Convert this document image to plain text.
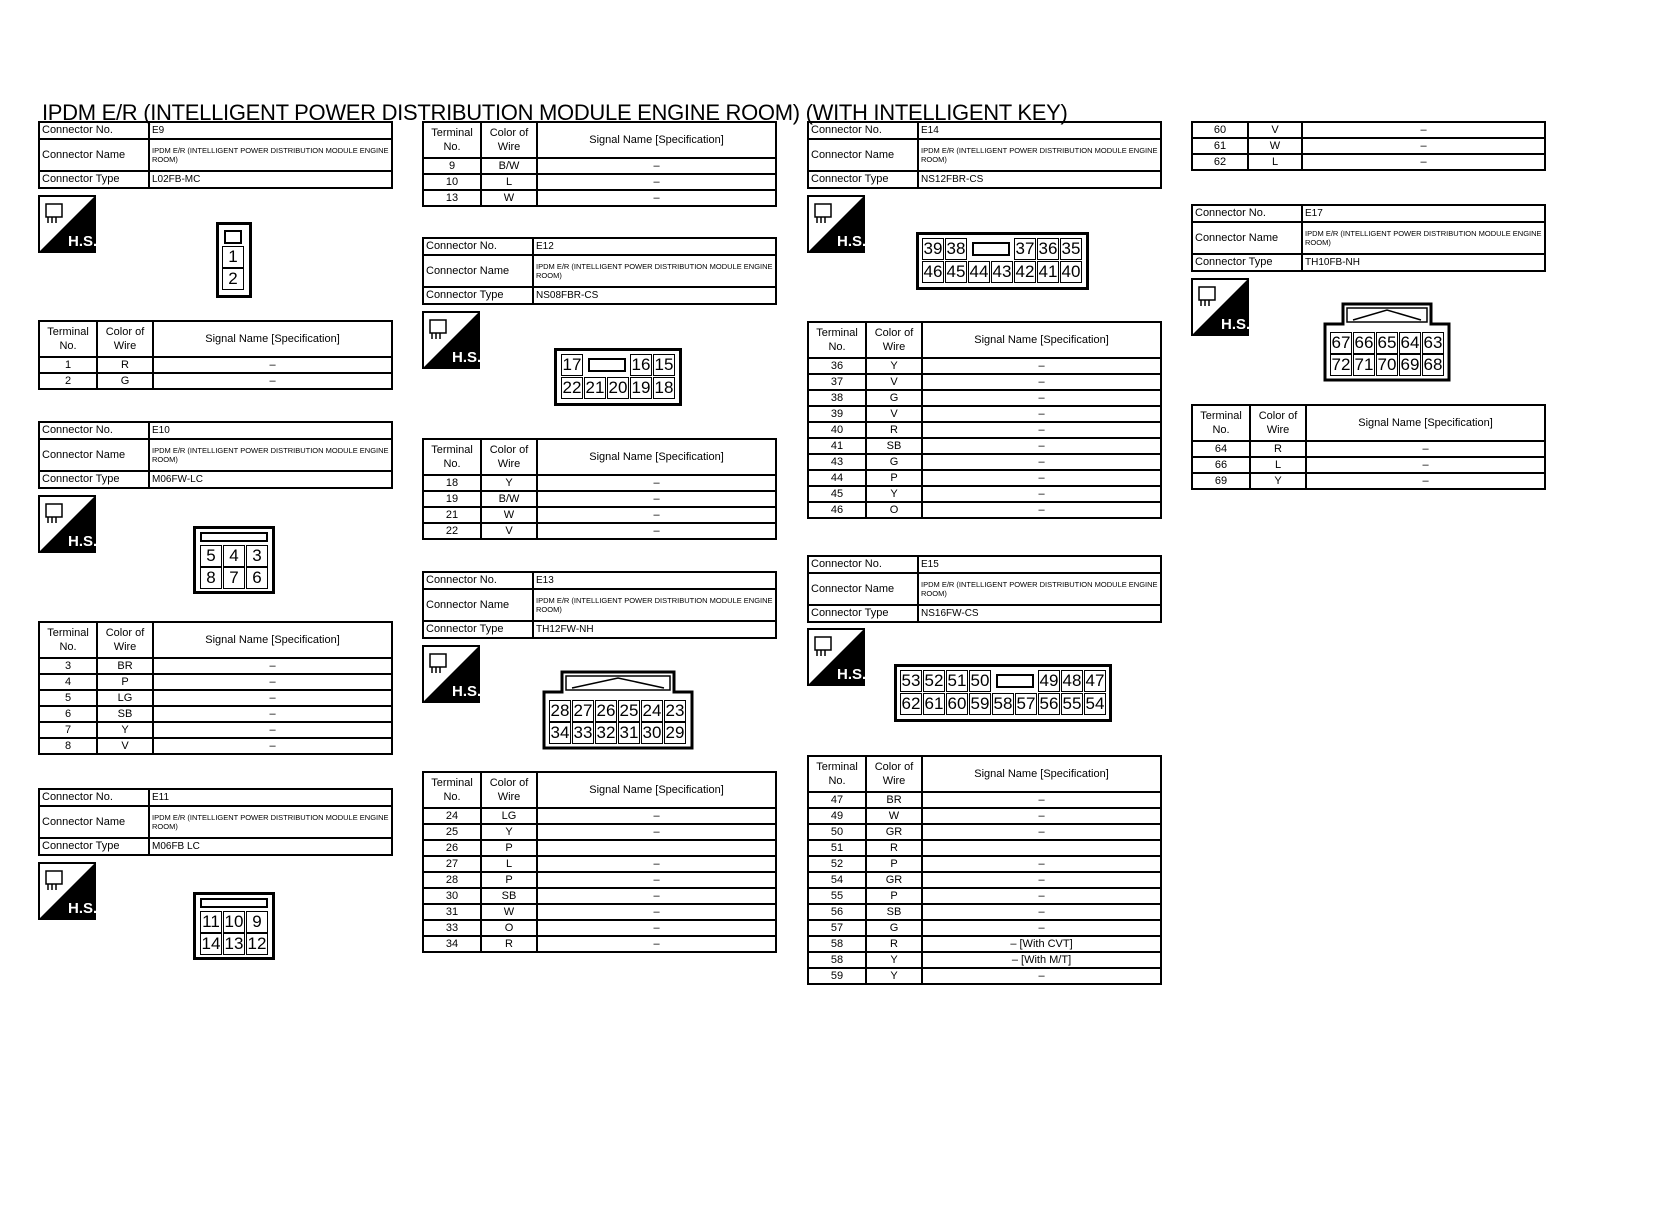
IPDM E/R (INTELLIGENT POWER DISTRIBUTION MODULE ENGINE ROOM) (WITH INTELLIGENT KEY)
Connector No.	E9
Connector Name	IPDM E/R (INTELLIGENT POWER DISTRIBUTION MODULE ENGINE ROOM)
Connector Type	L02FB-MC
H.S.
1
2
Terminal No.	Color of Wire	Signal Name [Specification]
1	R	–
2	G	–
Connector No.	E10
Connector Name	IPDM E/R (INTELLIGENT POWER DISTRIBUTION MODULE ENGINE ROOM)
Connector Type	M06FW-LC
H.S.
5 4 3
8 7 6
Terminal No.	Color of Wire	Signal Name [Specification]
3	BR	–
4	P	–
5	LG	–
6	SB	–
7	Y	–
8	V	–
Connector No.	E11
Connector Name	IPDM E/R (INTELLIGENT POWER DISTRIBUTION MODULE ENGINE ROOM)
Connector Type	M06FB LC
H.S.
11 10 9
14 13 12
Terminal No.	Color of Wire	Signal Name [Specification]
9	B/W	–
10	L	–
13	W	–
Connector No.	E12
Connector Name	IPDM E/R (INTELLIGENT POWER DISTRIBUTION MODULE ENGINE ROOM)
Connector Type	NS08FBR-CS
H.S.	17	16 15
22 21 20 19 18
Terminal No.	Color of Wire	Signal Name [Specification]
18	Y	–
19	B/W	–
21	W	–
22	V	–
Connector No.	E13
Connector Name	IPDM E/R (INTELLIGENT POWER DISTRIBUTION MODULE ENGINE ROOM)
Connector Type	TH12FW-NH
H.S.
28 27 26 25 24 23
34 33 32 31 30 29
Terminal No.	Color of Wire	Signal Name [Specification]
24	LG	–
25	Y	–
26	P	
27	L	–
28	P	–
30	SB	–
31	W	–
33	O	–
34	R	–
Connector No.	E14
Connector Name	IPDM E/R (INTELLIGENT POWER DISTRIBUTION MODULE ENGINE ROOM)
Connector Type	NS12FBR-CS
H.S.	39 38	37 36 35
46 45 44 43 42 41 40
Terminal No.	Color of Wire	Signal Name [Specification]
36	Y	–
37	V	–
38	G	–
39	V	–
40	R	–
41	SB	–
43	G	–
44	P	–
45	Y	–
46	O	–
Connector No.	E15
Connector Name	IPDM E/R (INTELLIGENT POWER DISTRIBUTION MODULE ENGINE ROOM)
Connector Type	NS16FW-CS
H.S. 53 52 51 50	49 48 47
62 61 60 59 58 57 56 55 54
Terminal No.	Color of Wire	Signal Name [Specification]
47	BR	–
49	W	–
50	GR	–
51	R	
52	P	–
54	GR	–
55	P	–
56	SB	–
57	G	–
58	R	– [With CVT]
58	Y	– [With M/T]
59	Y	–
60	V	–
61	W	–
62	L	–
Connector No.	E17
Connector Name	IPDM E/R (INTELLIGENT POWER DISTRIBUTION MODULE ENGINE ROOM)
Connector Type	TH10FB-NH
H.S.
67 66 65 64 63
72 71 70 69 68
Terminal No.	Color of Wire	Signal Name [Specification]
64	R	–
66	L	–
69	Y	–
